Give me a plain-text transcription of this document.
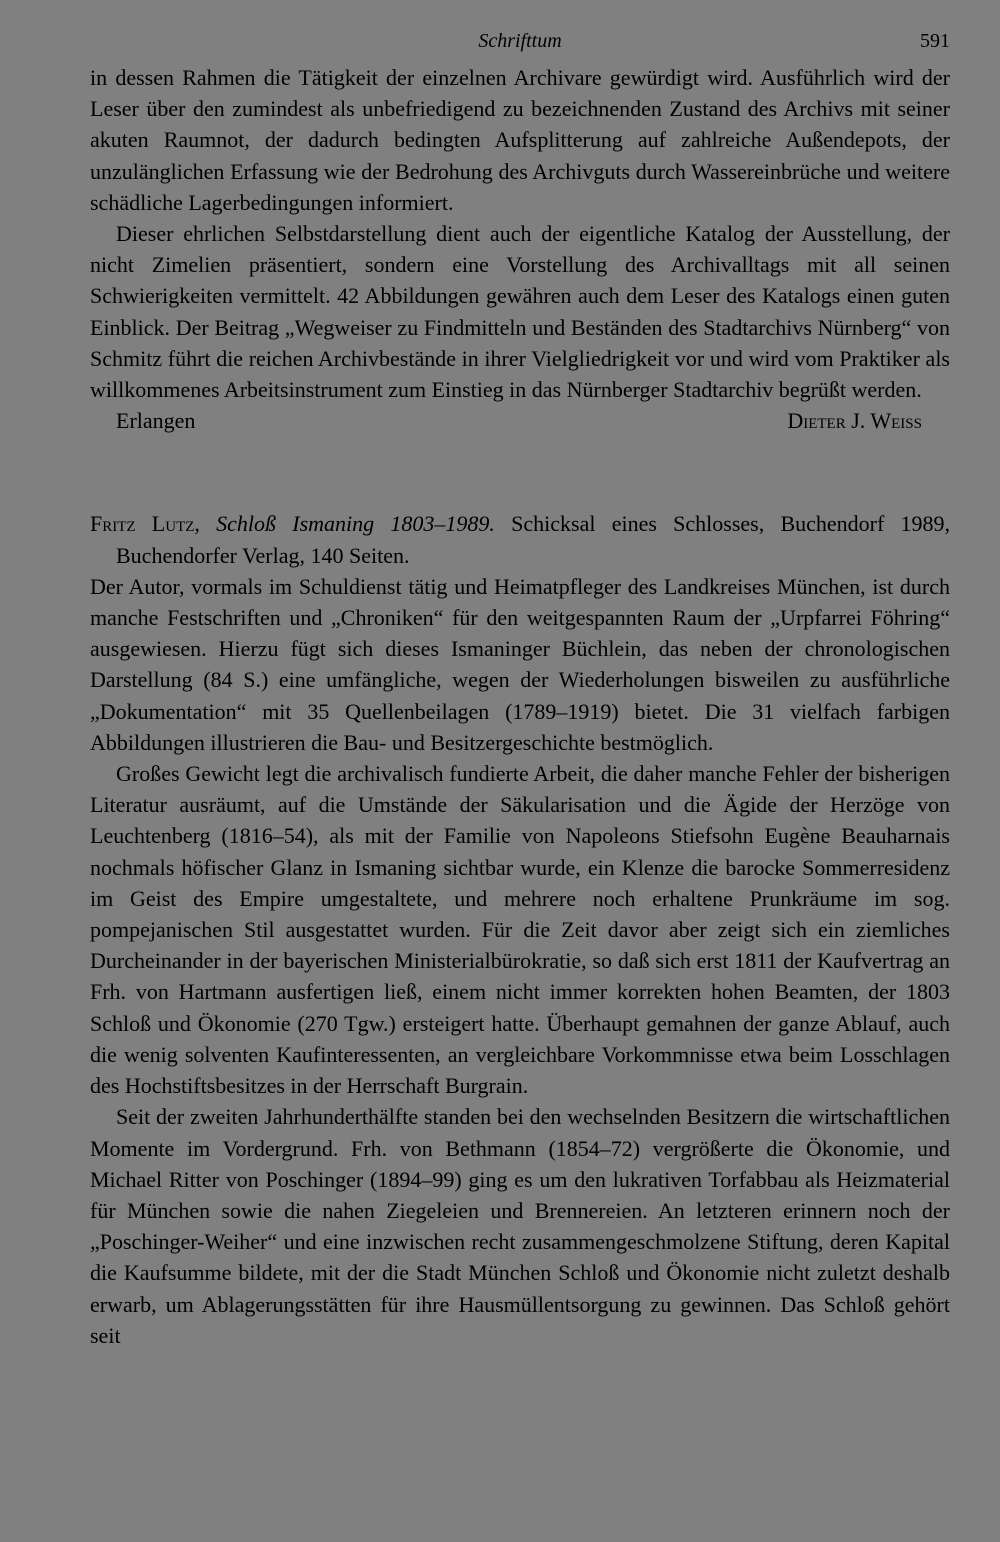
Schrifttum	591

in dessen Rahmen die Tätigkeit der einzelnen Archivare gewürdigt wird. Ausführlich wird der Leser über den zumindest als unbefriedigend zu bezeichnenden Zustand des Archivs mit seiner akuten Raumnot, der dadurch bedingten Aufsplitterung auf zahlreiche Außendepots, der unzulänglichen Erfassung wie der Bedrohung des Archivguts durch Wassereinbrüche und weitere schädliche Lagerbedingungen informiert.

Dieser ehrlichen Selbstdarstellung dient auch der eigentliche Katalog der Ausstellung, der nicht Zimelien präsentiert, sondern eine Vorstellung des Archivalltags mit all seinen Schwierigkeiten vermittelt. 42 Abbildungen gewähren auch dem Leser des Katalogs einen guten Einblick. Der Beitrag „Wegweiser zu Findmitteln und Beständen des Stadtarchivs Nürnberg“ von Schmitz führt die reichen Archivbestände in ihrer Vielgliedrigkeit vor und wird vom Praktiker als willkommenes Arbeitsinstrument zum Einstieg in das Nürnberger Stadtarchiv begrüßt werden.

Erlangen	Dieter J. Weiss

Fritz Lutz, Schloß Ismaning 1803–1989. Schicksal eines Schlosses, Buchendorf 1989, Buchendorfer Verlag, 140 Seiten.

Der Autor, vormals im Schuldienst tätig und Heimatpfleger des Landkreises München, ist durch manche Festschriften und „Chroniken“ für den weitgespannten Raum der „Urpfarrei Föhring“ ausgewiesen. Hierzu fügt sich dieses Ismaninger Büchlein, das neben der chronologischen Darstellung (84 S.) eine umfängliche, wegen der Wiederholungen bisweilen zu ausführliche „Dokumentation“ mit 35 Quellenbeilagen (1789–1919) bietet. Die 31 vielfach farbigen Abbildungen illustrieren die Bau- und Besitzergeschichte bestmöglich.

Großes Gewicht legt die archivalisch fundierte Arbeit, die daher manche Fehler der bisherigen Literatur ausräumt, auf die Umstände der Säkularisation und die Ägide der Herzöge von Leuchtenberg (1816–54), als mit der Familie von Napoleons Stiefsohn Eugène Beauharnais nochmals höfischer Glanz in Ismaning sichtbar wurde, ein Klenze die barocke Sommerresidenz im Geist des Empire umgestaltete, und mehrere noch erhaltene Prunkräume im sog. pompejanischen Stil ausgestattet wurden. Für die Zeit davor aber zeigt sich ein ziemliches Durcheinander in der bayerischen Ministerialbürokratie, so daß sich erst 1811 der Kaufvertrag an Frh. von Hartmann ausfertigen ließ, einem nicht immer korrekten hohen Beamten, der 1803 Schloß und Ökonomie (270 Tgw.) ersteigert hatte. Überhaupt gemahnen der ganze Ablauf, auch die wenig solventen Kaufinteressenten, an vergleichbare Vorkommnisse etwa beim Losschlagen des Hochstiftsbesitzes in der Herrschaft Burgrain.

Seit der zweiten Jahrhunderthälfte standen bei den wechselnden Besitzern die wirtschaftlichen Momente im Vordergrund. Frh. von Bethmann (1854–72) vergrößerte die Ökonomie, und Michael Ritter von Poschinger (1894–99) ging es um den lukrativen Torfabbau als Heizmaterial für München sowie die nahen Ziegeleien und Brennereien. An letzteren erinnern noch der „Poschinger-Weiher“ und eine inzwischen recht zusammengeschmolzene Stiftung, deren Kapital die Kaufsumme bildete, mit der die Stadt München Schloß und Ökonomie nicht zuletzt deshalb erwarb, um Ablagerungsstätten für ihre Hausmüllentsorgung zu gewinnen. Das Schloß gehört seit
